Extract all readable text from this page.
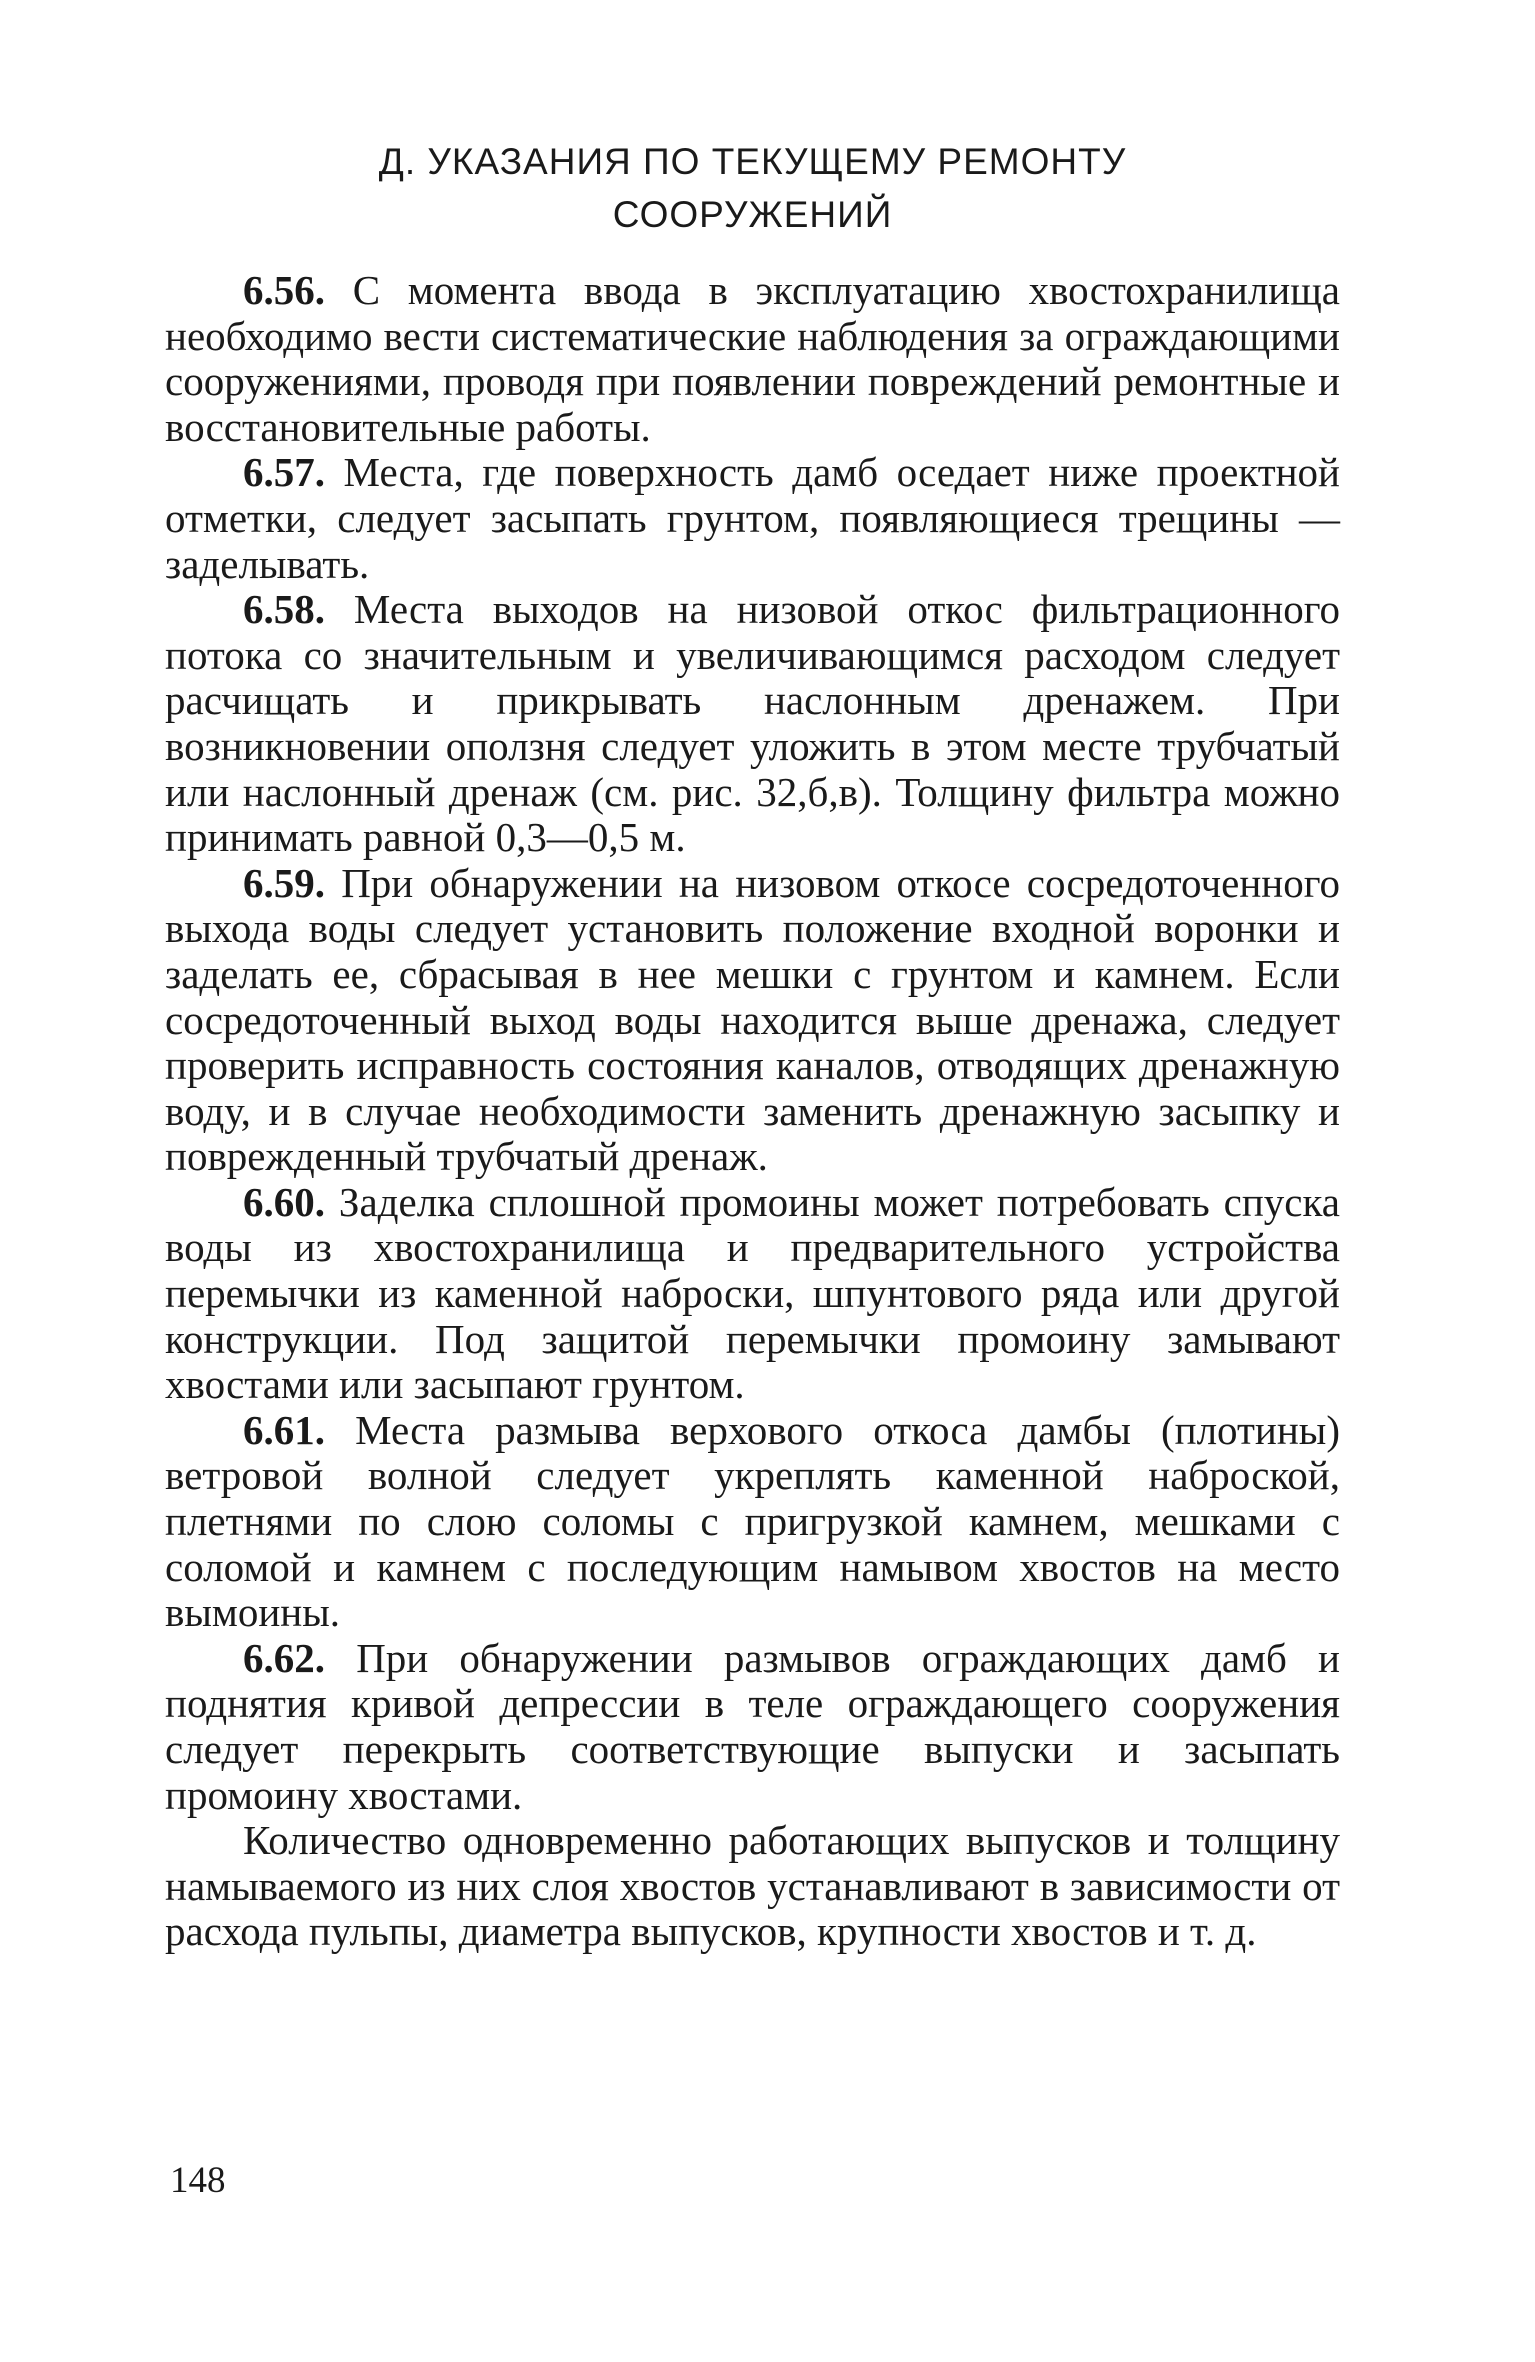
Д. УКАЗАНИЯ ПО ТЕКУЩЕМУ РЕМОНТУ
СООРУЖЕНИЙ

6.56. С момента ввода в эксплуатацию хвостохранилища необходимо вести систематические наблюдения за ограждающими сооружениями, проводя при появлении повреждений ремонтные и восстановительные работы.

6.57. Места, где поверхность дамб оседает ниже проектной отметки, следует засыпать грунтом, появляющиеся трещины — заделывать.

6.58. Места выходов на низовой откос фильтрационного потока со значительным и увеличивающимся расходом следует расчищать и прикрывать наслонным дренажем. При возникновении оползня следует уложить в этом месте трубчатый или наслонный дренаж (см. рис. 32,б,в). Толщину фильтра можно принимать равной 0,3—0,5 м.

6.59. При обнаружении на низовом откосе сосредоточенного выхода воды следует установить положение входной воронки и заделать ее, сбрасывая в нее мешки с грунтом и камнем. Если сосредоточенный выход воды находится выше дренажа, следует проверить исправность состояния каналов, отводящих дренажную воду, и в случае необходимости заменить дренажную засыпку и поврежденный трубчатый дренаж.

6.60. Заделка сплошной промоины может потребовать спуска воды из хвостохранилища и предварительного устройства перемычки из каменной наброски, шпунтового ряда или другой конструкции. Под защитой перемычки промоину замывают хвостами или засыпают грунтом.

6.61. Места размыва верхового откоса дамбы (плотины) ветровой волной следует укреплять каменной наброской, плетнями по слою соломы с пригрузкой камнем, мешками с соломой и камнем с последующим намывом хвостов на место вымоины.

6.62. При обнаружении размывов ограждающих дамб и поднятия кривой депрессии в теле ограждающего сооружения следует перекрыть соответствующие выпуски и засыпать промоину хвостами.

Количество одновременно работающих выпусков и толщину намываемого из них слоя хвостов устанавливают в зависимости от расхода пульпы, диаметра выпусков, крупности хвостов и т. д.

148
